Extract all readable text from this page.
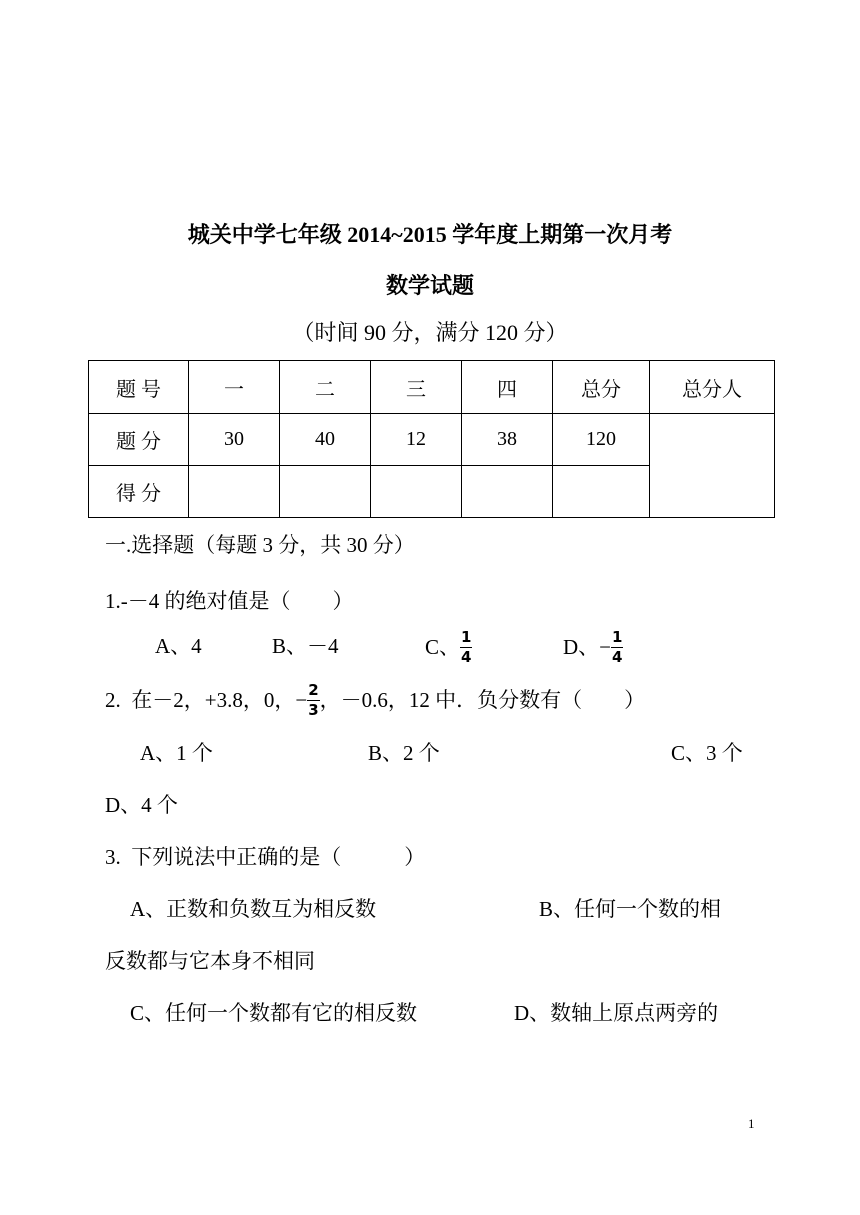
城关中学七年级 2014~2015 学年度上期第一次月考
数学试题
（时间 90 分，满分 120 分）
题 号	一	二	三	四	总分	总分人
题 分	30	40	12	38	120	
得 分						
一.选择题（每题 3 分，共 30 分）
1.-－4 的绝对值是（　　）
A、4	B、－4	C、 $\frac{1}{4}$	D、− $\frac{1}{4}$
2.  在－2，+3.8，0，− $\frac{2}{3}$ ，－0.6，12 中．负分数有（　　）
A、1 个	B、2 个	C、3 个
D、4 个
3.  下列说法中正确的是（　　　）
A、正数和负数互为相反数	B、任何一个数的相
反数都与它本身不相同
C、任何一个数都有它的相反数	D、数轴上原点两旁的
1
